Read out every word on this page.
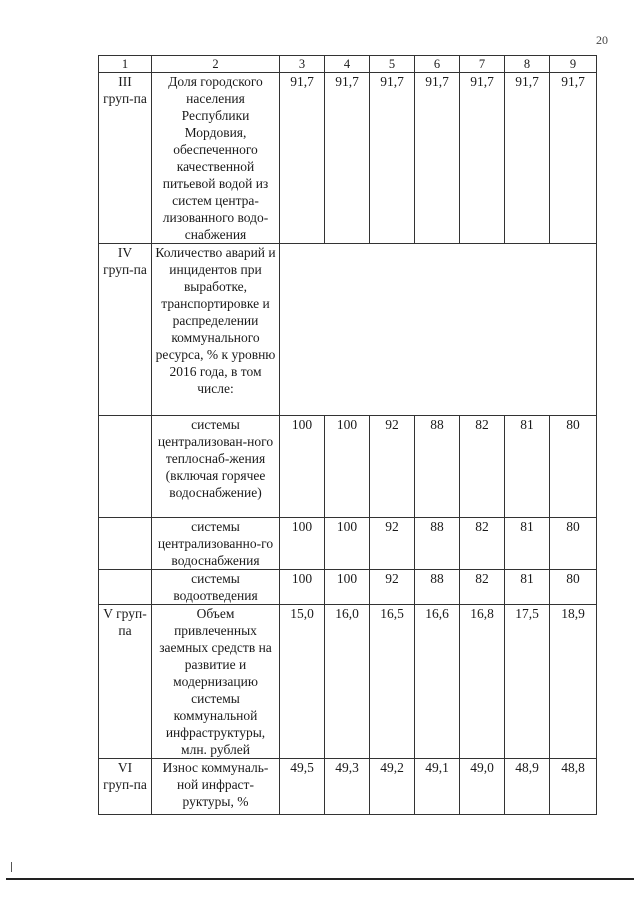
20
1	2	3	4	5	6	7	8	9
III груп-па	Доля городского населения Республики Мордовия, обеспеченного качественной питьевой водой из систем центра-лизованного водо-снабжения	91,7	91,7	91,7	91,7	91,7	91,7	91,7
IV груп-па	Количество аварий и инцидентов при выработке, транспортировке и распределении коммунального ресурса, % к уровню 2016 года, в том числе:							
	системы централизован-ного теплоснаб-жения (включая горячее водоснабжение)	100	100	92	88	82	81	80
	системы централизованно-го водоснабжения	100	100	92	88	82	81	80
	системы водоотведения	100	100	92	88	82	81	80
V груп-па	Объем привлеченных заемных средств на развитие и модернизацию системы коммунальной инфраструктуры, млн. рублей	15,0	16,0	16,5	16,6	16,8	17,5	18,9
VI груп-па	Износ коммуналь-ной инфраст-руктуры, %	49,5	49,3	49,2	49,1	49,0	48,9	48,8
